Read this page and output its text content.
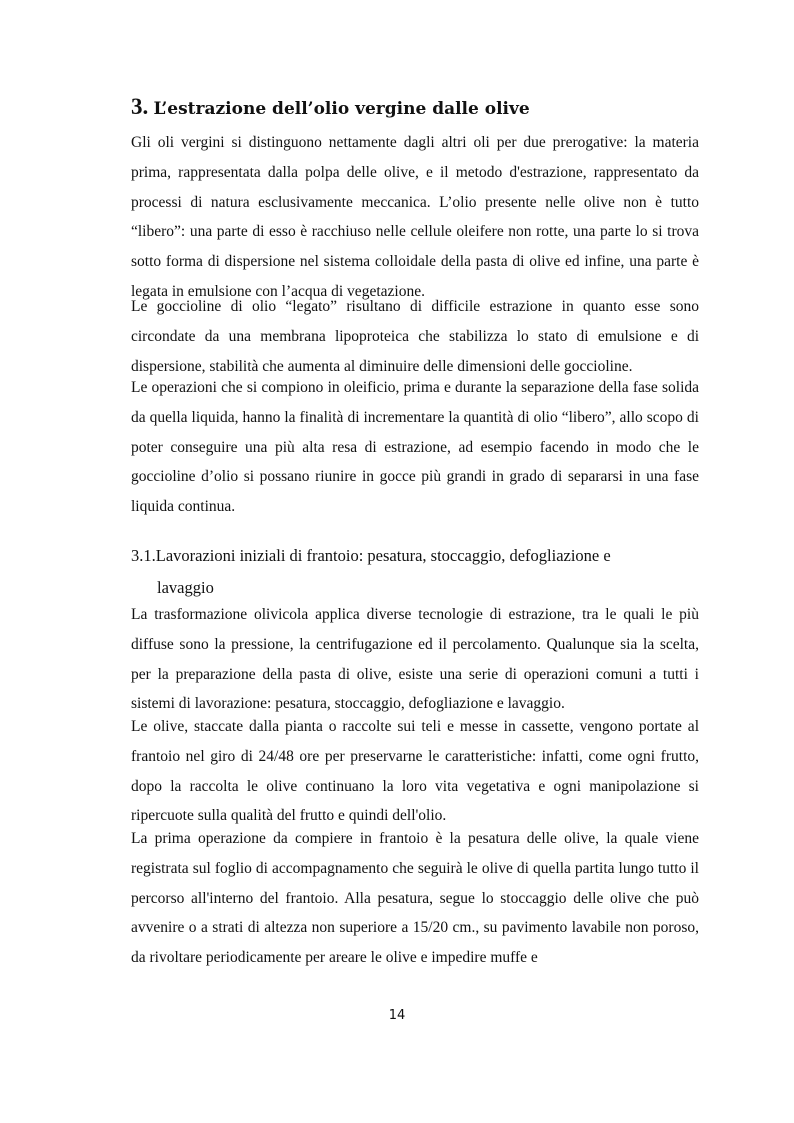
3. L’estrazione dell’olio vergine dalle olive

Gli oli vergini si distinguono nettamente dagli altri oli per due prerogative: la materia prima, rappresentata dalla polpa delle olive, e il metodo d'estrazione, rappresentato da processi di natura esclusivamente meccanica. L’olio presente nelle olive non è tutto “libero”: una parte di esso è racchiuso nelle cellule oleifere non rotte, una parte lo si trova sotto forma di dispersione nel sistema colloidale della pasta di olive ed infine, una parte è legata in emulsione con l’acqua di vegetazione.

Le goccioline di olio “legato” risultano di difficile estrazione in quanto esse sono circondate da una membrana lipoproteica che stabilizza lo stato di emulsione e di dispersione, stabilità che aumenta al diminuire delle dimensioni delle goccioline.

Le operazioni che si compiono in oleificio, prima e durante la separazione della fase solida da quella liquida, hanno la finalità di incrementare la quantità di olio “libero”, allo scopo di poter conseguire una più alta resa di estrazione, ad esempio facendo in modo che le goccioline d’olio si possano riunire in gocce più grandi in grado di separarsi in una fase liquida continua.

3.1.Lavorazioni iniziali di frantoio: pesatura, stoccaggio, defogliazione e
lavaggio

La trasformazione olivicola applica diverse tecnologie di estrazione, tra le quali le più diffuse sono la pressione, la centrifugazione ed il percolamento. Qualunque sia la scelta, per la preparazione della pasta di olive, esiste una serie di operazioni comuni a tutti i sistemi di lavorazione: pesatura, stoccaggio, defogliazione e lavaggio.

Le olive, staccate dalla pianta o raccolte sui teli e messe in cassette, vengono portate al frantoio nel giro di 24/48 ore per preservarne le caratteristiche: infatti, come ogni frutto, dopo la raccolta le olive continuano la loro vita vegetativa e ogni manipolazione si ripercuote sulla qualità del frutto e quindi dell'olio.

La prima operazione da compiere in frantoio è la pesatura delle olive, la quale viene registrata sul foglio di accompagnamento che seguirà le olive di quella partita lungo tutto il percorso all'interno del frantoio. Alla pesatura, segue lo stoccaggio delle olive che può avvenire o a strati di altezza non superiore a 15/20 cm., su pavimento lavabile non poroso, da rivoltare periodicamente per areare le olive e impedire muffe e

14
